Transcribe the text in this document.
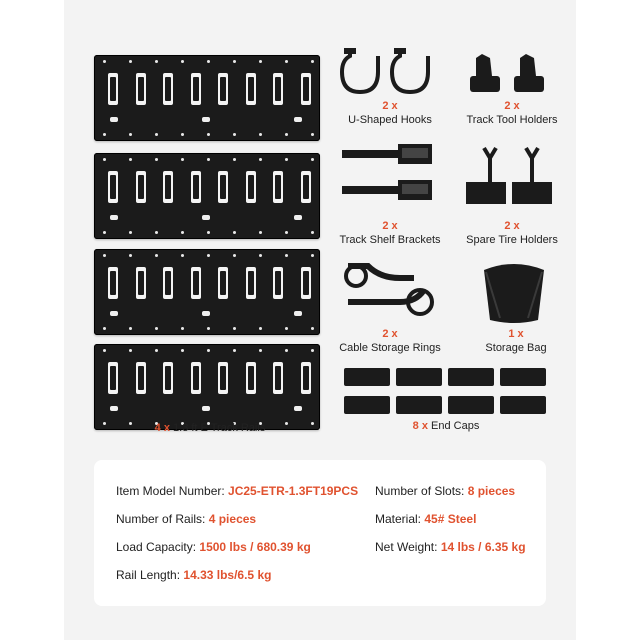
4 x 1.3 ft E Track Rails
2 x
U-Shaped Hooks
2 x
Track Tool Holders
2 x
Track Shelf Brackets
2 x
Spare Tire Holders
2 x
Cable Storage Rings
1 x
Storage Bag
8 x End Caps
Item Model Number: JC25-ETR-1.3FT19PCS Number of Slots: 8 pieces
Number of Rails: 4 pieces	Material: 45# Steel
Load Capacity: 1500 lbs / 680.39 kg	Net Weight: 14 lbs / 6.35 kg
Rail Length: 14.33 lbs/6.5 kg
